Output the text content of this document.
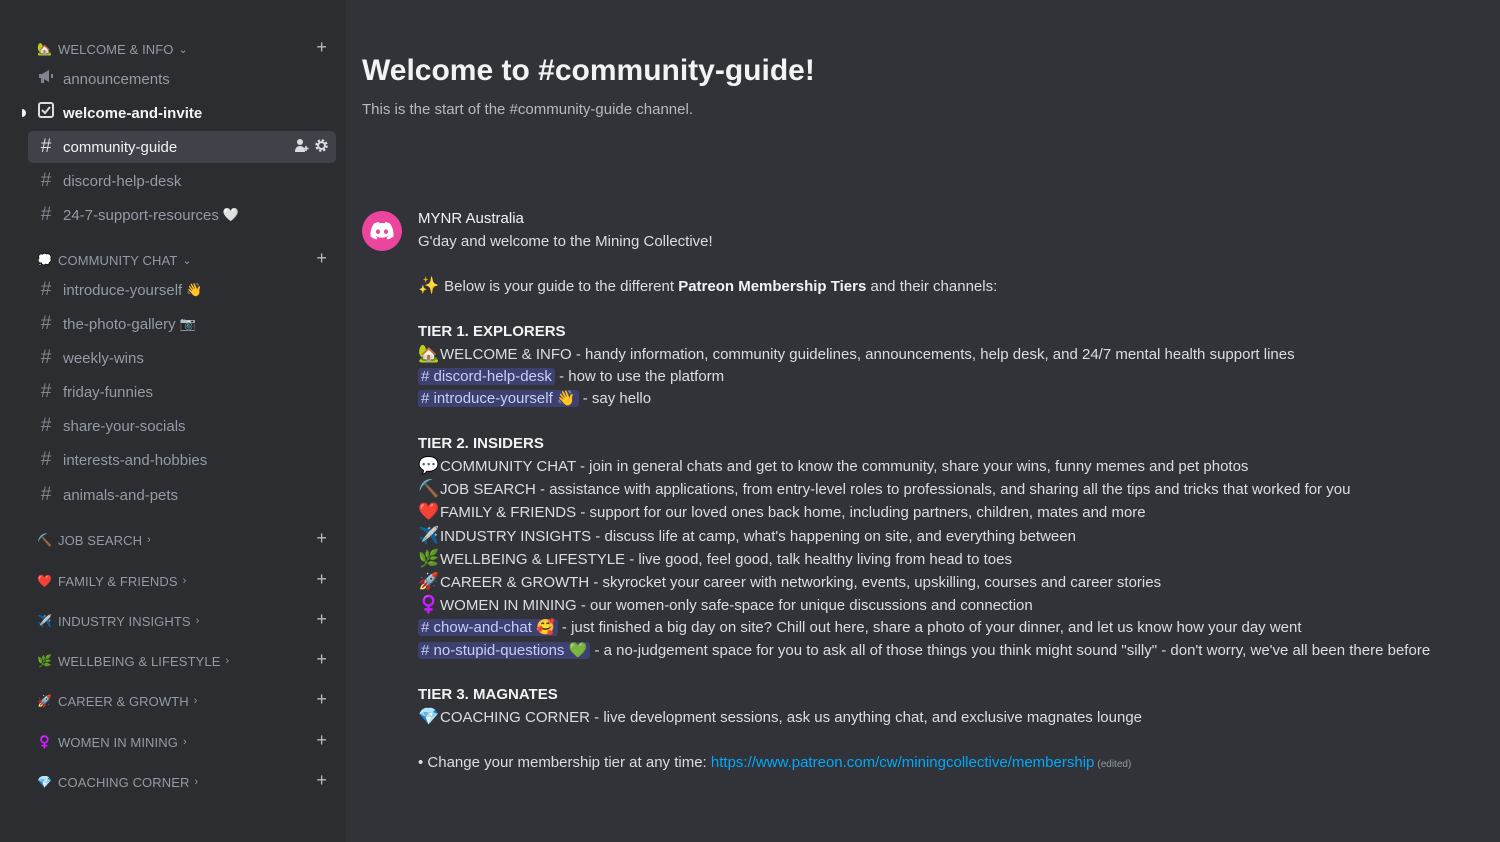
🏡 WELCOME & INFO ⌄	+
announcements
welcome-and-invite
# community-guide
# discord-help-desk
# 24-7-support-resources 🤍
💭 COMMUNITY CHAT ⌄	+
# introduce-yourself 👋
# the-photo-gallery 📷
# weekly-wins
# friday-funnies
# share-your-socials
# interests-and-hobbies
# animals-and-pets
⛏️ JOB SEARCH ›	+
❤️ FAMILY & FRIENDS ›	+
✈️ INDUSTRY INSIGHTS ›	+
🌿 WELLBEING & LIFESTYLE ›	+
🚀 CAREER & GROWTH ›	+
♀️ WOMEN IN MINING ›	+
💎 COACHING CORNER ›	+
Welcome to #community-guide!
This is the start of the #community-guide channel.
MYNR Australia
G'day and welcome to the Mining Collective!
✨ Below is your guide to the different Patreon Membership Tiers and their channels:
TIER 1. EXPLORERS
🏡WELCOME & INFO - handy information, community guidelines, announcements, help desk, and 24/7 mental health support lines
# discord-help-desk - how to use the platform
# introduce-yourself 👋 - say hello
TIER 2. INSIDERS
💬COMMUNITY CHAT - join in general chats and get to know the community, share your wins, funny memes and pet photos
⛏️JOB SEARCH - assistance with applications, from entry-level roles to professionals, and sharing all the tips and tricks that worked for you
❤️FAMILY & FRIENDS - support for our loved ones back home, including partners, children, mates and more
✈️INDUSTRY INSIGHTS - discuss life at camp, what's happening on site, and everything between
🌿WELLBEING & LIFESTYLE - live good, feel good, talk healthy living from head to toes
🚀CAREER & GROWTH - skyrocket your career with networking, events, upskilling, courses and career stories
♀️WOMEN IN MINING - our women-only safe-space for unique discussions and connection
# chow-and-chat 🥰 - just finished a big day on site? Chill out here, share a photo of your dinner, and let us know how your day went
# no-stupid-questions 💚 - a no-judgement space for you to ask all of those things you think might sound "silly" - don't worry, we've all been there before
TIER 3. MAGNATES
💎COACHING CORNER - live development sessions, ask us anything chat, and exclusive magnates lounge
• Change your membership tier at any time: https://www.patreon.com/cw/miningcollective/membership (edited)
